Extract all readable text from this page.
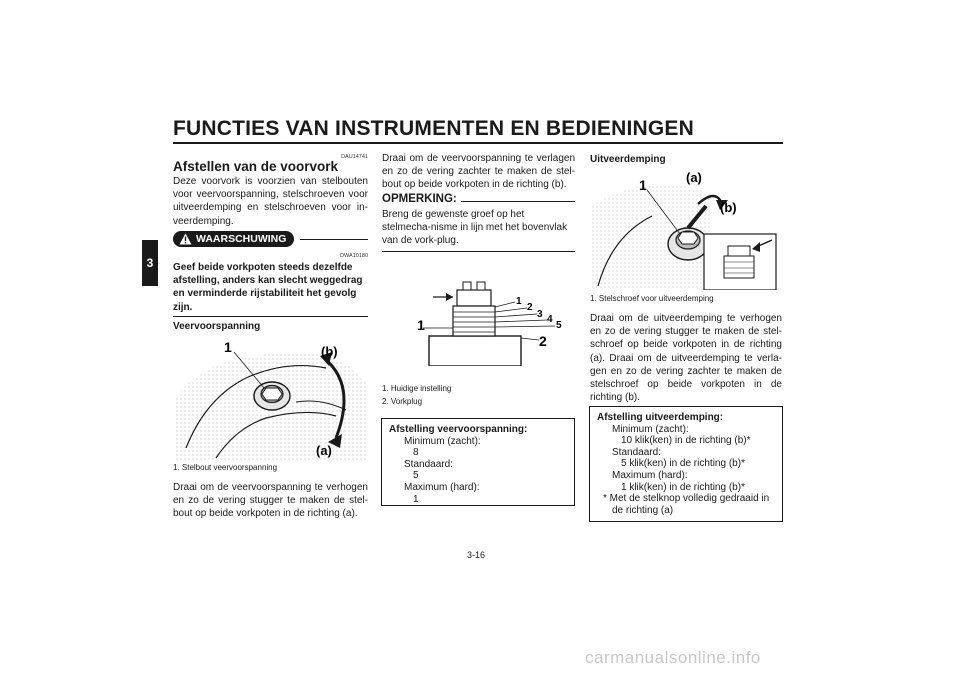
FUNCTIES VAN INSTRUMENTEN EN BEDIENINGEN
3
DAU14741
Afstellen van de voorvork
Deze voorvork is voorzien van stelbouten voor veervoorspanning, stelschroeven voor uitveerdemping en stelschroeven voor in-veerdemping.
WAARSCHUWING
DWA10180
Geef beide vorkpoten steeds dezelfde afstelling, anders kan slecht weggedrag en verminderde rijstabiliteit het gevolg zijn.
Veervoorspanning
1	(b)
(a)
1. Stelbout veervoorspanning
Draai om de veervoorspanning te verhogen en zo de vering stugger te maken de stel-bout op beide vorkpoten in de richting (a).
Draai om de veervoorspanning te verlagen en zo de vering zachter te maken de stel-bout op beide vorkpoten in de richting (b).
OPMERKING:
Breng de gewenste groef op het stelmecha-nisme in lijn met het bovenvlak van de vork-plug.
1
2
3 4
5
1
2
1. Huidige instelling
2. Vorkplug
Afstelling veervoorspanning:
Minimum (zacht):
8
Standaard:
5
Maximum (hard):
1
Uitveerdemping
1	(a)
(b)
1. Stelschroef voor uitveerdemping
Draai om de uitveerdemping te verhogen en zo de vering stugger te maken de stel-schroef op beide vorkpoten in de richting (a). Draai om de uitveerdemping te verla-gen en zo de vering zachter te maken de stelschroef op beide vorkpoten in de richting (b).
Afstelling uitveerdemping:
Minimum (zacht):
10 klik(ken) in de richting (b)*
Standaard:
5 klik(ken) in de richting (b)*
Maximum (hard):
1 klik(ken) in de richting (b)*
* Met de stelknop volledig gedraaid in
de richting (a)
3-16
carmanualsonline.info
